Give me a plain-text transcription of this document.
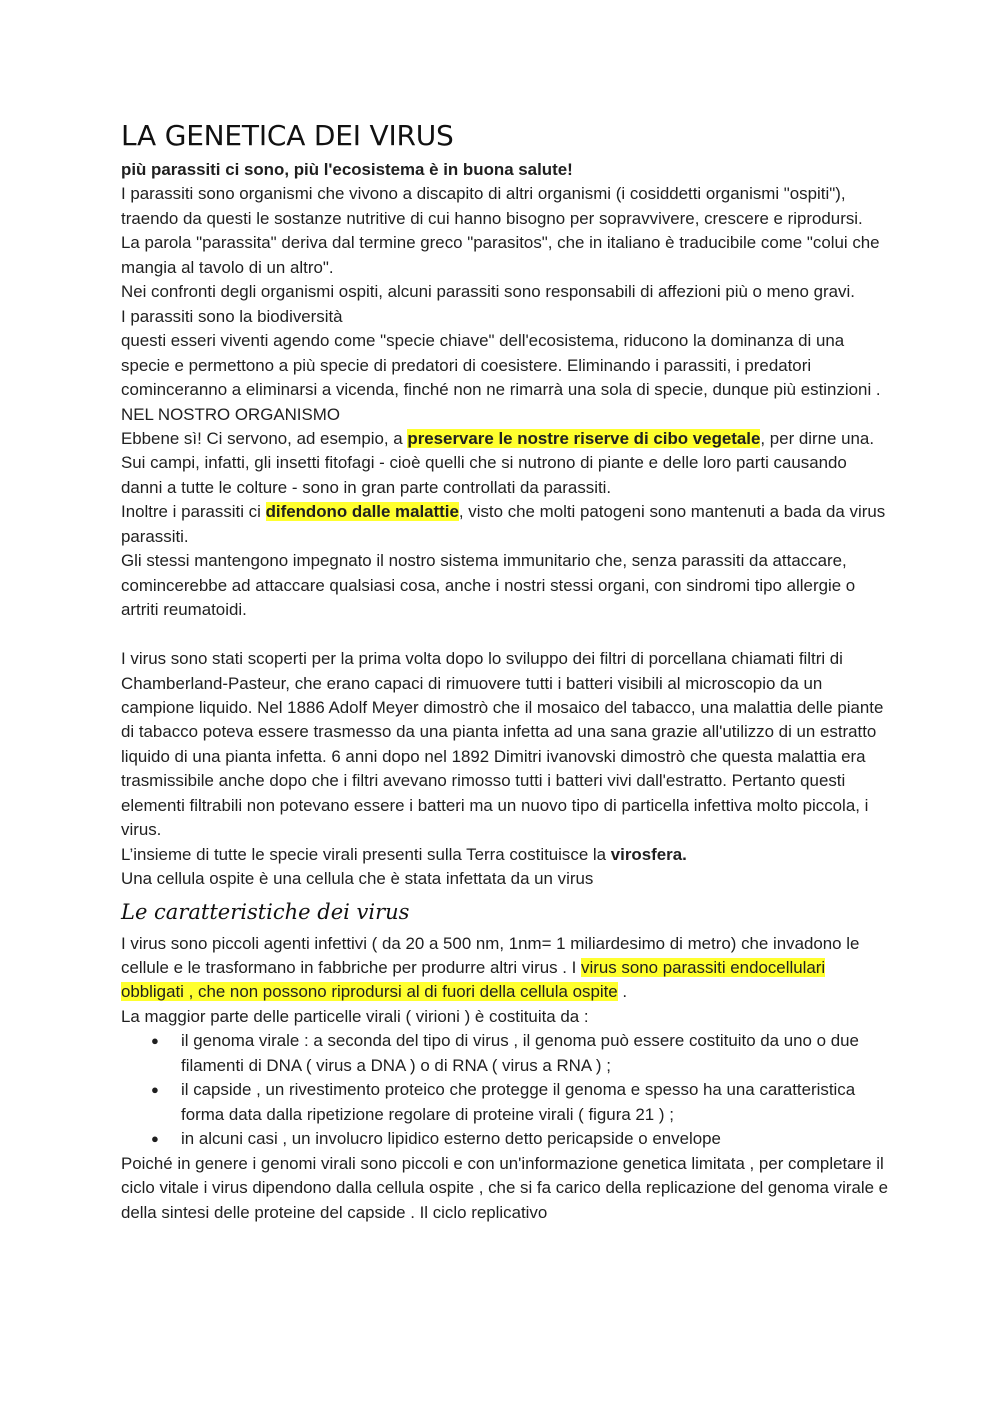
LA GENETICA DEI VIRUS

più parassiti ci sono, più l'ecosistema è in buona salute!

I parassiti sono organismi che vivono a discapito di altri organismi (i cosiddetti organismi "ospiti"), traendo da questi le sostanze nutritive di cui hanno bisogno per sopravvivere, crescere e riprodursi.

La parola "parassita" deriva dal termine greco "parasitos", che in italiano è traducibile come "colui che mangia al tavolo di un altro".

Nei confronti degli organismi ospiti, alcuni parassiti sono responsabili di affezioni più o meno gravi.

I parassiti sono la biodiversità

questi esseri viventi agendo come "specie chiave" dell'ecosistema, riducono la dominanza di una specie e permettono a più specie di predatori di coesistere. Eliminando i parassiti, i predatori cominceranno a eliminarsi a vicenda, finché non ne rimarrà una sola di specie, dunque più estinzioni .

NEL NOSTRO ORGANISMO

Ebbene sì! Ci servono, ad esempio, a preservare le nostre riserve di cibo vegetale, per dirne una. Sui campi, infatti, gli insetti fitofagi - cioè quelli che si nutrono di piante e delle loro parti causando danni a tutte le colture - sono in gran parte controllati da parassiti.

Inoltre i parassiti ci difendono dalle malattie, visto che molti patogeni sono mantenuti a bada da virus parassiti.

Gli stessi mantengono impegnato il nostro sistema immunitario che, senza parassiti da attaccare, comincerebbe ad attaccare qualsiasi cosa, anche i nostri stessi organi, con sindromi tipo allergie o artriti reumatoidi.

I virus sono stati scoperti per la prima volta dopo lo sviluppo dei filtri di porcellana chiamati filtri di Chamberland-Pasteur, che erano capaci di rimuovere tutti i batteri visibili al microscopio da un campione liquido. Nel 1886 Adolf Meyer dimostrò che il mosaico del tabacco, una malattia delle piante di tabacco poteva essere trasmesso da una pianta infetta ad una sana grazie all'utilizzo di un estratto liquido di una pianta infetta. 6 anni dopo nel 1892 Dimitri ivanovski dimostrò che questa malattia era trasmissibile anche dopo che i filtri avevano rimosso tutti i batteri vivi dall'estratto. Pertanto questi elementi filtrabili non potevano essere i batteri ma un nuovo tipo di particella infettiva molto piccola, i virus.

L’insieme di tutte le specie virali presenti sulla Terra costituisce la virosfera.

Una cellula ospite è una cellula che è stata infettata da un virus

Le caratteristiche dei virus

I virus sono piccoli agenti infettivi ( da 20 a 500 nm, 1nm= 1 miliardesimo di metro) che invadono le cellule e le trasformano in fabbriche per produrre altri virus . I virus sono parassiti endocellulari obbligati , che non possono riprodursi al di fuori della cellula ospite .

La maggior parte delle particelle virali ( virioni ) è costituita da :

● il genoma virale : a seconda del tipo di virus , il genoma può essere costituito da uno o due filamenti di DNA ( virus a DNA ) o di RNA ( virus a RNA ) ;
● il capside , un rivestimento proteico che protegge il genoma e spesso ha una caratteristica forma data dalla ripetizione regolare di proteine virali ( figura 21 ) ;
● in alcuni casi , un involucro lipidico esterno detto pericapside o envelope

Poiché in genere i genomi virali sono piccoli e con un'informazione genetica limitata , per completare il ciclo vitale i virus dipendono dalla cellula ospite , che si fa carico della replicazione del genoma virale e della sintesi delle proteine del capside . Il ciclo replicativo
